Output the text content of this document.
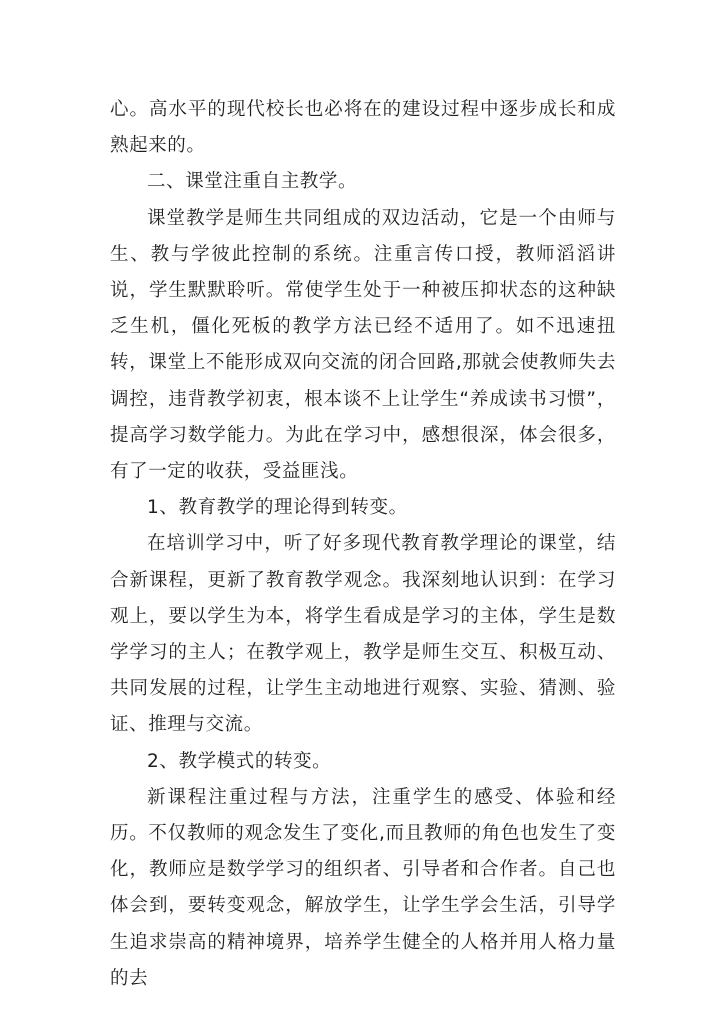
心。高水平的现代校长也必将在的建设过程中逐步成长和成熟起来的。

二、课堂注重自主教学。

课堂教学是师生共同组成的双边活动，它是一个由师与生、教与学彼此控制的系统。注重言传口授，教师滔滔讲说，学生默默聆听。常使学生处于一种被压抑状态的这种缺乏生机，僵化死板的教学方法已经不适用了。如不迅速扭转，课堂上不能形成双向交流的闭合回路,那就会使教师失去调控，违背教学初衷，根本谈不上让学生“养成读书习惯”，提高学习数学能力。为此在学习中，感想很深，体会很多，有了一定的收获，受益匪浅。

1、教育教学的理论得到转变。

在培训学习中，听了好多现代教育教学理论的课堂，结合新课程，更新了教育教学观念。我深刻地认识到：在学习观上，要以学生为本，将学生看成是学习的主体，学生是数学学习的主人；在教学观上，教学是师生交互、积极互动、共同发展的过程，让学生主动地进行观察、实验、猜测、验证、推理与交流。

2、教学模式的转变。

新课程注重过程与方法，注重学生的感受、体验和经历。不仅教师的观念发生了变化,而且教师的角色也发生了变化，教师应是数学学习的组织者、引导者和合作者。自己也体会到，要转变观念，解放学生，让学生学会生活，引导学生追求崇高的精神境界，培养学生健全的人格并用人格力量的去
